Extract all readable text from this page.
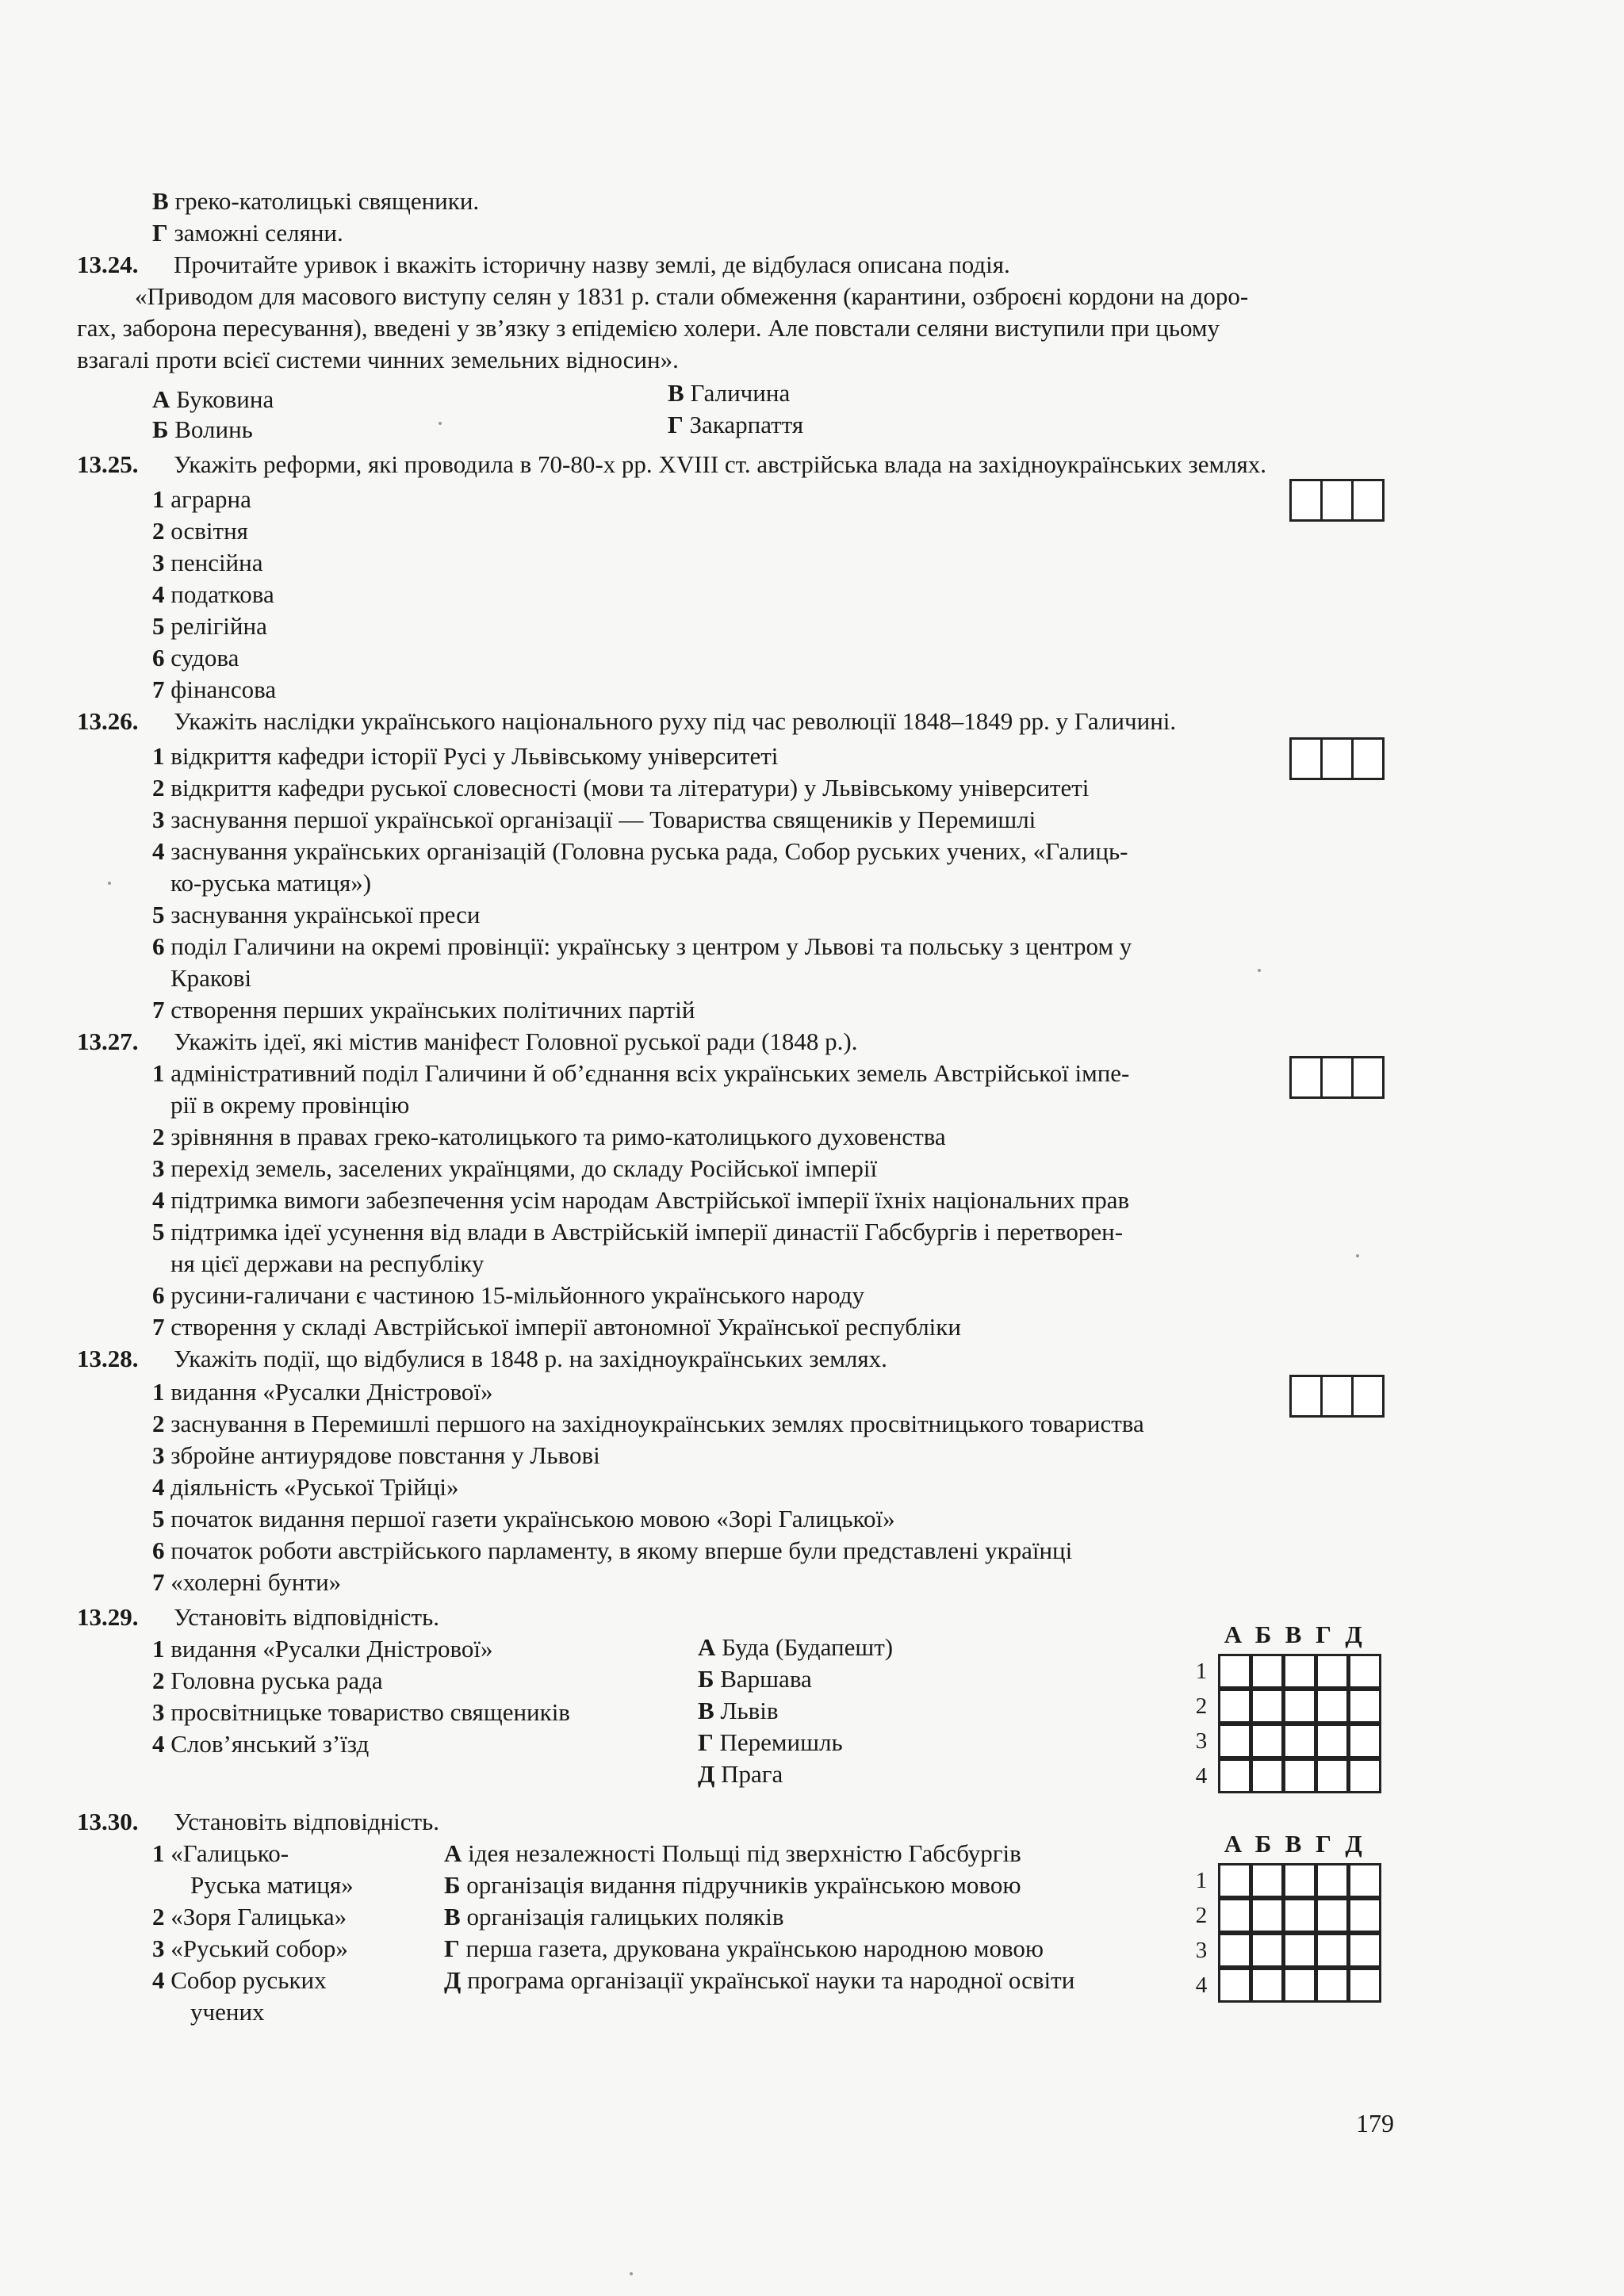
В греко-католицькі священики.
Г заможні селяни.
13.24. Прочитайте уривок і вкажіть історичну назву землі, де відбулася описана подія.
«Приводом для масового виступу селян у 1831 р. стали обмеження (карантини, озброєні кордони на доро-
гах, заборона пересування), введені у зв’язку з епідемією холери. Але повстали селяни виступили при цьому
взагалі проти всієї системи чинних земельних відносин».
А Буковина	В Галичина
Б Волинь	Г Закарпаття
13.25. Укажіть реформи, які проводила в 70-80-х рр. XVIII ст. австрійська влада на західноукраїнських землях.
1 аграрна
2 освітня
3 пенсійна
4 податкова
5 релігійна
6 судова
7 фінансова
13.26. Укажіть наслідки українського національного руху під час революції 1848–1849 рр. у Галичині.
1 відкриття кафедри історії Русі у Львівському університеті
2 відкриття кафедри руської словесності (мови та літератури) у Львівському університеті
3 заснування першої української організації — Товариства священиків у Перемишлі
4 заснування українських організацій (Головна руська рада, Собор руських учених, «Галиць-
ко-руська матиця»)
5 заснування української преси
6 поділ Галичини на окремі провінції: українську з центром у Львові та польську з центром у
Кракові
7 створення перших українських політичних партій
13.27. Укажіть ідеї, які містив маніфест Головної руської ради (1848 р.).
1 адміністративний поділ Галичини й об’єднання всіх українських земель Австрійської імпе-
рії в окрему провінцію
2 зрівняння в правах греко-католицького та римо-католицького духовенства
3 перехід земель, заселених українцями, до складу Російської імперії
4 підтримка вимоги забезпечення усім народам Австрійської імперії їхніх національних прав
5 підтримка ідеї усунення від влади в Австрійській імперії династії Габсбургів і перетворен-
ня цієї держави на республіку
6 русини-галичани є частиною 15-мільйонного українського народу
7 створення у складі Австрійської імперії автономної Української республіки
13.28. Укажіть події, що відбулися в 1848 р. на західноукраїнських землях.
1 видання «Русалки Дністрової»
2 заснування в Перемишлі першого на західноукраїнських землях просвітницького товариства
3 збройне антиурядове повстання у Львові
4 діяльність «Руської Трійці»
5 початок видання першої газети українською мовою «Зорі Галицької»
6 початок роботи австрійського парламенту, в якому вперше були представлені українці
7 «холерні бунти»
13.29. Установіть відповідність.
1 видання «Русалки Дністрової»
2 Головна руська рада
3 просвітницьке товариство священиків
4 Слов’янський з’їзд
А Буда (Будапешт)
Б Варшава
В Львів
Г Перемишль
Д Прага
А Б В Г Д
1
2
3
4
13.30. Установіть відповідність.
1 «Галицько-
Руська матиця»
2 «Зоря Галицька»
3 «Руський собор»
4 Собор руських
учених
А ідея незалежності Польщі під зверхністю Габсбургів
Б організація видання підручників українською мовою
В організація галицьких поляків
Г перша газета, друкована українською народною мовою
Д програма організації української науки та народної освіти
А Б В Г Д
1
2
3
4
179
